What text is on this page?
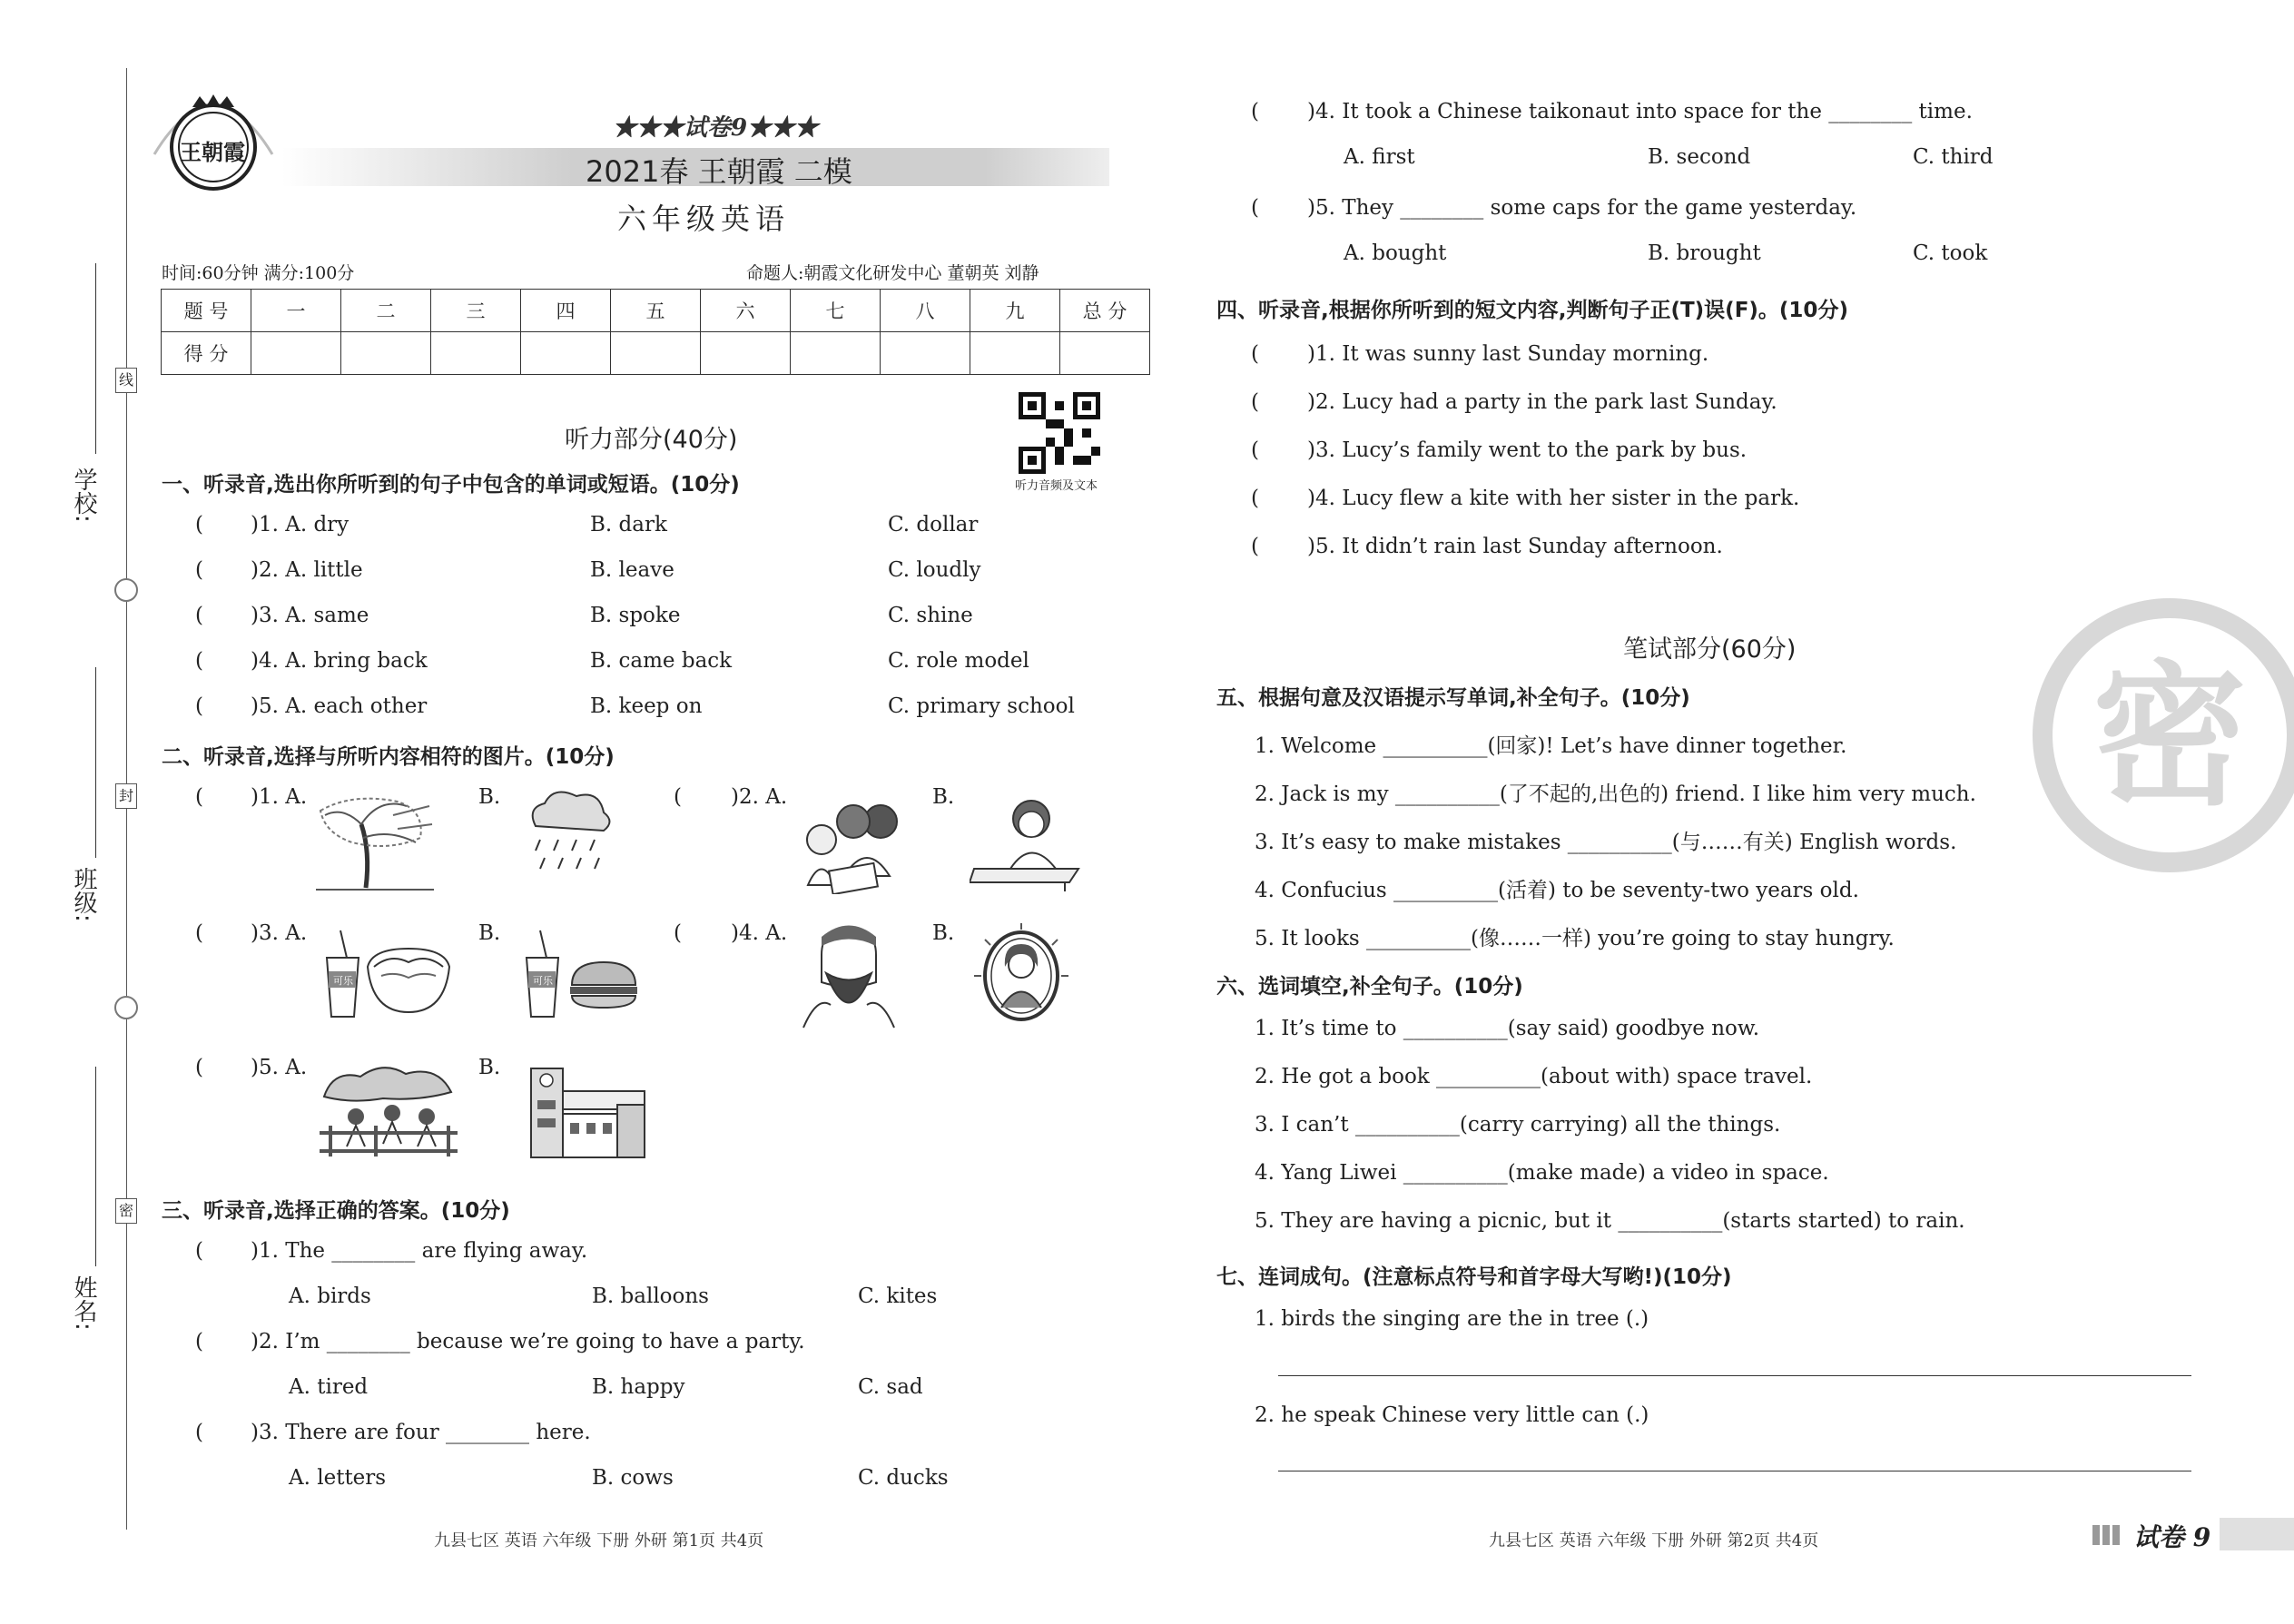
学校:
班级:
姓名:
线
封
密
王朝霞
★★★试卷9★★★
2021春 王朝霞 二模
六年级英语
时间:60分钟 满分:100分	命题人:朝霞文化研发中心 董朝英 刘静
题 号	一	二	三	四	五	六	七	八	九	总 分
得 分										
听力音频及文本
听力部分(40分)
一、听录音,选出你所听到的句子中包含的单词或短语。(10分)
( )1. A. dry	B. dark	C. dollar
( )2. A. little	B. leave	C. loudly
( )3. A. same	B. spoke	C. shine
( )4. A. bring back	B. came back	C. role model
( )5. A. each other	B. keep on	C. primary school
二、听录音,选择与所听内容相符的图片。(10分)
( )1. A.	B.	( )2. A.	B.
( )3. A.
可乐
B.
可乐
( )4. A.	B.
( )5. A.	B.
三、听录音,选择正确的答案。(10分)
( )1. The ________ are flying away.
A. birds	B. balloons	C. kites
( )2. I’m ________ because we’re going to have a party.
A. tired	B. happy	C. sad
( )3. There are four ________ here.
A. letters	B. cows	C. ducks
( )4. It took a Chinese taikonaut into space for the ________ time.
A. first	B. second	C. third
( )5. They ________ some caps for the game yesterday.
A. bought	B. brought	C. took
四、听录音,根据你所听到的短文内容,判断句子正(T)误(F)。(10分)
( )1. It was sunny last Sunday morning.
( )2. Lucy had a party in the park last Sunday.
( )3. Lucy’s family went to the park by bus.
( )4. Lucy flew a kite with her sister in the park.
( )5. It didn’t rain last Sunday afternoon.
笔试部分(60分)
五、根据句意及汉语提示写单词,补全句子。(10分)
1. Welcome __________(回家)! Let’s have dinner together.
2. Jack is my __________(了不起的,出色的) friend. I like him very much.
3. It’s easy to make mistakes __________(与……有关) English words.
4. Confucius __________(活着) to be seventy-two years old.
5. It looks __________(像……一样) you’re going to stay hungry.
六、选词填空,补全句子。(10分)
1. It’s time to __________(say said) goodbye now.
2. He got a book __________(about with) space travel.
3. I can’t __________(carry carrying) all the things.
4. Yang Liwei __________(make made) a video in space.
5. They are having a picnic, but it __________(starts started) to rain.
七、连词成句。(注意标点符号和首字母大写哟!)(10分)
1. birds the singing are the in tree (.)
2. he speak Chinese very little can (.)
密
九县七区 英语 六年级 下册 外研 第1页 共4页	九县七区 英语 六年级 下册 外研 第2页 共4页	试卷 9
